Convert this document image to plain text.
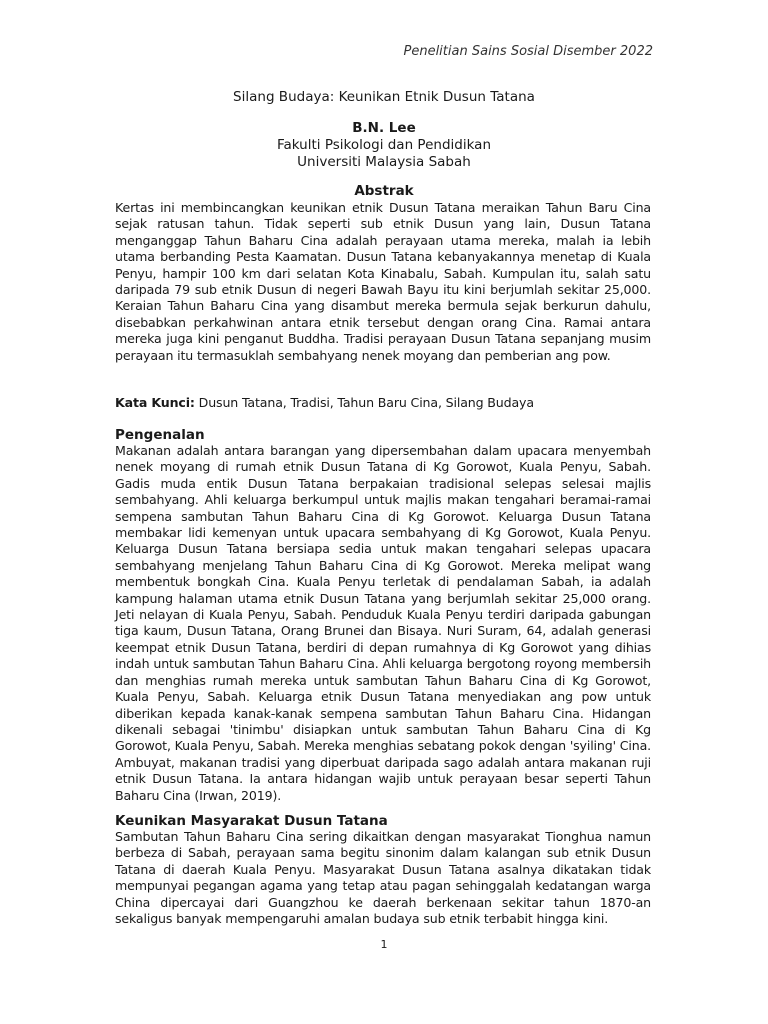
Penelitian Sains Sosial Disember 2022
Silang Budaya: Keunikan Etnik Dusun Tatana
B.N. Lee
Fakulti Psikologi dan Pendidikan
Universiti Malaysia Sabah
Abstrak
Kertas ini membincangkan keunikan etnik Dusun Tatana meraikan Tahun Baru Cina sejak ratusan tahun. Tidak seperti sub etnik Dusun yang lain, Dusun Tatana menganggap Tahun Baharu Cina adalah perayaan utama mereka, malah ia lebih utama berbanding Pesta Kaamatan. Dusun Tatana kebanyakannya menetap di Kuala Penyu, hampir 100 km dari selatan Kota Kinabalu, Sabah. Kumpulan itu, salah satu daripada 79 sub etnik Dusun di negeri Bawah Bayu itu kini berjumlah sekitar 25,000. Keraian Tahun Baharu Cina yang disambut mereka bermula sejak berkurun dahulu, disebabkan perkahwinan antara etnik tersebut dengan orang Cina. Ramai antara mereka juga kini penganut Buddha. Tradisi perayaan Dusun Tatana sepanjang musim perayaan itu termasuklah sembahyang nenek moyang dan pemberian ang pow.
Kata Kunci: Dusun Tatana, Tradisi, Tahun Baru Cina, Silang Budaya
Pengenalan
Makanan adalah antara barangan yang dipersembahan dalam upacara menyembah nenek moyang di rumah etnik Dusun Tatana di Kg Gorowot, Kuala Penyu, Sabah. Gadis muda entik Dusun Tatana berpakaian tradisional selepas selesai majlis sembahyang. Ahli keluarga berkumpul untuk majlis makan tengahari beramai-ramai sempena sambutan Tahun Baharu Cina di Kg Gorowot. Keluarga Dusun Tatana membakar lidi kemenyan untuk upacara sembahyang di Kg Gorowot, Kuala Penyu. Keluarga Dusun Tatana bersiapa sedia untuk makan tengahari selepas upacara sembahyang menjelang Tahun Baharu Cina di Kg Gorowot. Mereka melipat wang membentuk bongkah Cina. Kuala Penyu terletak di pendalaman Sabah, ia adalah kampung halaman utama etnik Dusun Tatana yang berjumlah sekitar 25,000 orang. Jeti nelayan di Kuala Penyu, Sabah. Penduduk Kuala Penyu terdiri daripada gabungan tiga kaum, Dusun Tatana, Orang Brunei dan Bisaya. Nuri Suram, 64, adalah generasi keempat etnik Dusun Tatana, berdiri di depan rumahnya di Kg Gorowot yang dihias indah untuk sambutan Tahun Baharu Cina. Ahli keluarga bergotong royong membersih dan menghias rumah mereka untuk sambutan Tahun Baharu Cina di Kg Gorowot, Kuala Penyu, Sabah. Keluarga etnik Dusun Tatana menyediakan ang pow untuk diberikan kepada kanak-kanak sempena sambutan Tahun Baharu Cina. Hidangan dikenali sebagai 'tinimbu' disiapkan untuk sambutan Tahun Baharu Cina di Kg Gorowot, Kuala Penyu, Sabah. Mereka menghias sebatang pokok dengan 'syiling' Cina. Ambuyat, makanan tradisi yang diperbuat daripada sago adalah antara makanan ruji etnik Dusun Tatana. Ia antara hidangan wajib untuk perayaan besar seperti Tahun Baharu Cina (Irwan, 2019).
Keunikan Masyarakat Dusun Tatana
Sambutan Tahun Baharu Cina sering dikaitkan dengan masyarakat Tionghua namun berbeza di Sabah, perayaan sama begitu sinonim dalam kalangan sub etnik Dusun Tatana di daerah Kuala Penyu. Masyarakat Dusun Tatana asalnya dikatakan tidak mempunyai pegangan agama yang tetap atau pagan sehinggalah kedatangan warga China dipercayai dari Guangzhou ke daerah berkenaan sekitar tahun 1870-an sekaligus banyak mempengaruhi amalan budaya sub etnik terbabit hingga kini.
1
